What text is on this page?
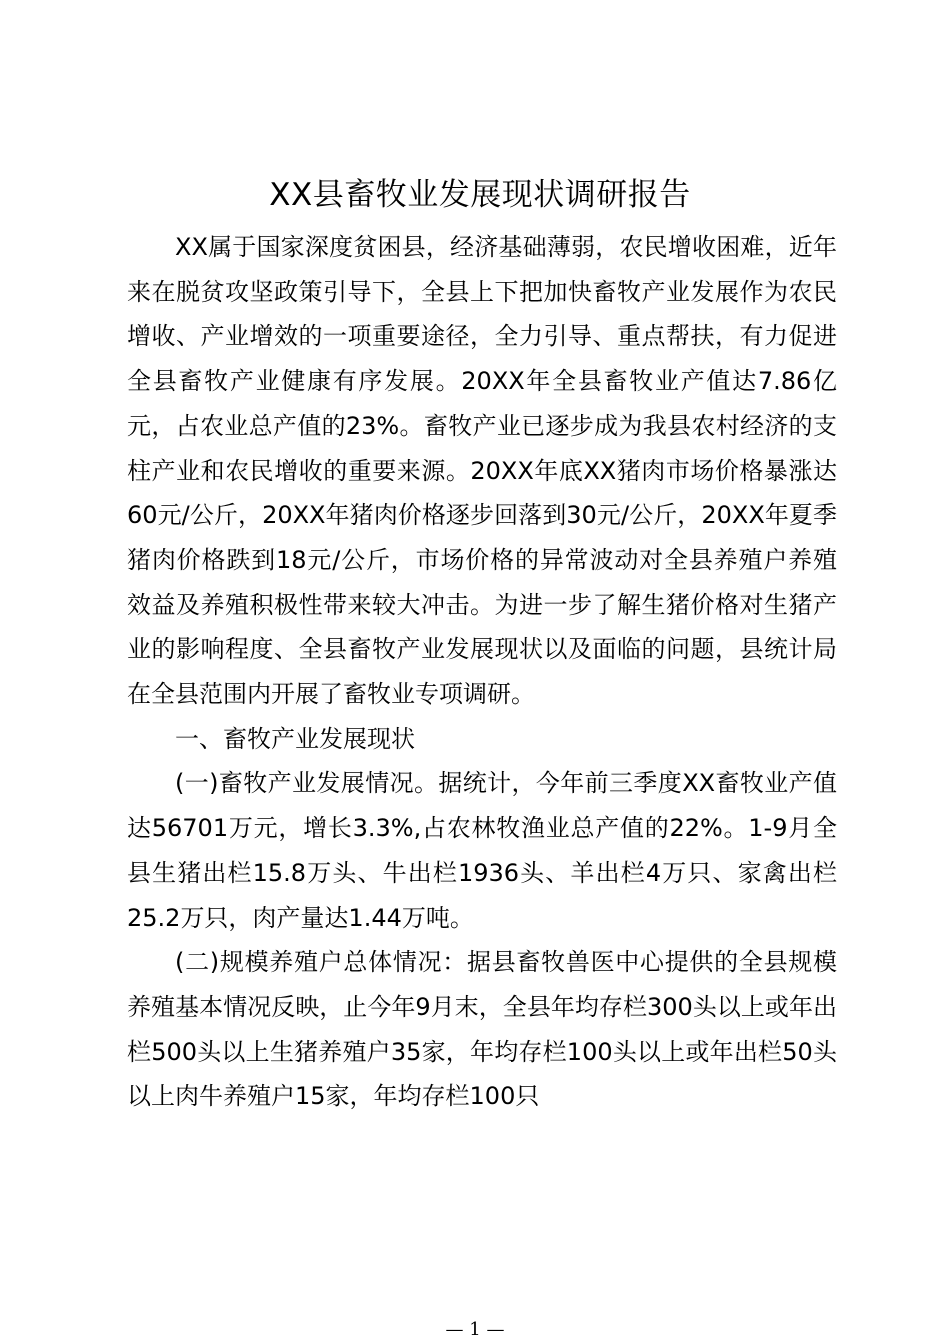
XX县畜牧业发展现状调研报告

XX属于国家深度贫困县，经济基础薄弱，农民增收困难，近年来在脱贫攻坚政策引导下，全县上下把加快畜牧产业发展作为农民增收、产业增效的一项重要途径，全力引导、重点帮扶，有力促进全县畜牧产业健康有序发展。20XX年全县畜牧业产值达7.86亿元，占农业总产值的23%。畜牧产业已逐步成为我县农村经济的支柱产业和农民增收的重要来源。20XX年底XX猪肉市场价格暴涨达60元/公斤，20XX年猪肉价格逐步回落到30元/公斤，20XX年夏季猪肉价格跌到18元/公斤，市场价格的异常波动对全县养殖户养殖效益及养殖积极性带来较大冲击。为进一步了解生猪价格对生猪产业的影响程度、全县畜牧产业发展现状以及面临的问题，县统计局在全县范围内开展了畜牧业专项调研。

一、畜牧产业发展现状

(一)畜牧产业发展情况。据统计，今年前三季度XX畜牧业产值达56701万元，增长3.3%,占农林牧渔业总产值的22%。1-9月全县生猪出栏15.8万头、牛出栏1936头、羊出栏4万只、家禽出栏25.2万只，肉产量达1.44万吨。

(二)规模养殖户总体情况：据县畜牧兽医中心提供的全县规模养殖基本情况反映，止今年9月末，全县年均存栏300头以上或年出栏500头以上生猪养殖户35家，年均存栏100头以上或年出栏50头以上肉牛养殖户15家，年均存栏100只

— 1 —
